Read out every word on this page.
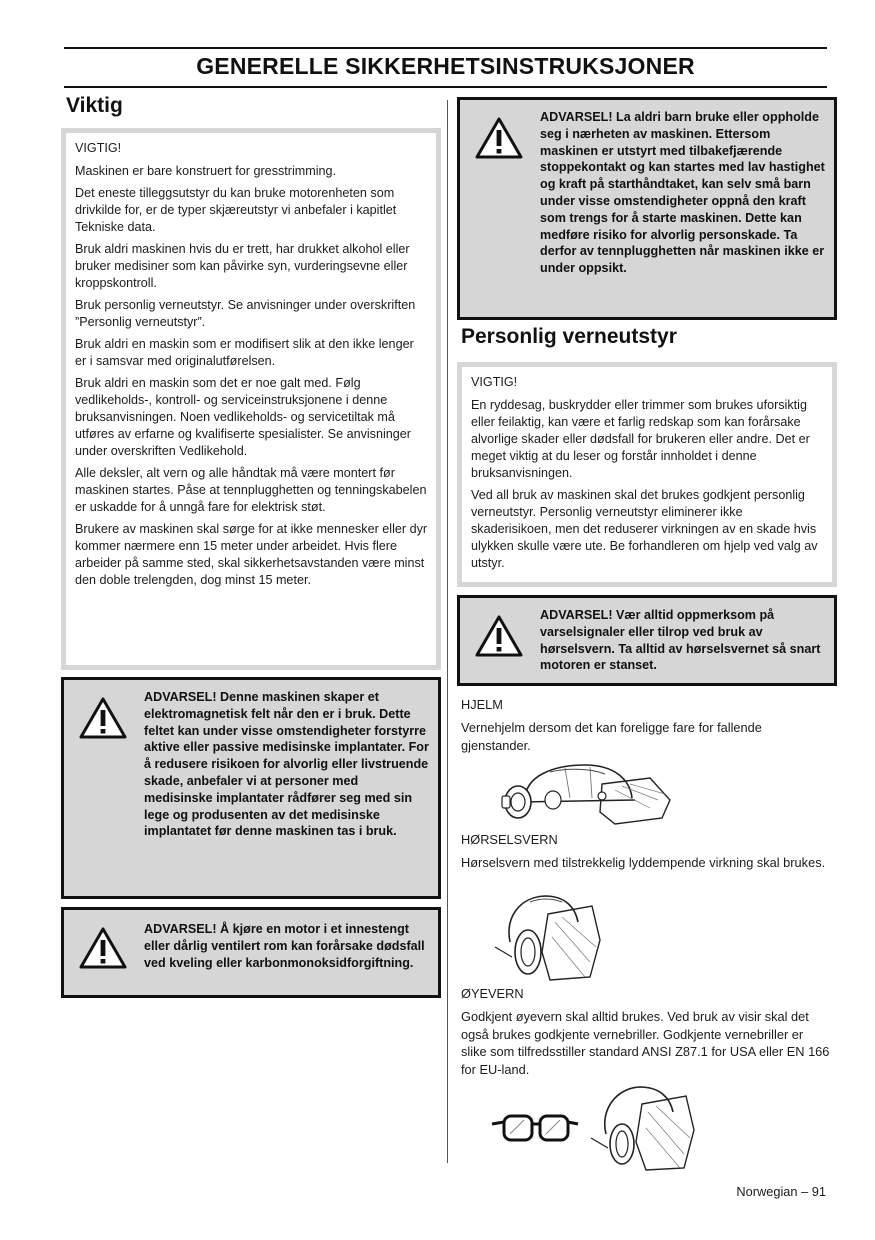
GENERELLE SIKKERHETSINSTRUKSJONER
Viktig
VIGTIG!

Maskinen er bare konstruert for gresstrimming.

Det eneste tilleggsutstyr du kan bruke motorenheten som drivkilde for, er de typer skjæreutstyr vi anbefaler i kapitlet Tekniske data.

Bruk aldri maskinen hvis du er trett, har drukket alkohol eller bruker medisiner som kan påvirke syn, vurderingsevne eller kroppskontroll.

Bruk personlig verneutstyr. Se anvisninger under overskriften ”Personlig verneutstyr”.

Bruk aldri en maskin som er modifisert slik at den ikke lenger er i samsvar med originalutførelsen.

Bruk aldri en maskin som det er noe galt med. Følg vedlikeholds-, kontroll- og serviceinstruksjonene i denne bruksanvisningen. Noen vedlikeholds- og servicetiltak må utføres av erfarne og kvalifiserte spesialister. Se anvisninger under overskriften Vedlikehold.

Alle deksler, alt vern og alle håndtak må være montert før maskinen startes. Påse at tennplugghetten og tenningskabelen er uskadde for å unngå fare for elektrisk støt.

Brukere av maskinen skal sørge for at ikke mennesker eller dyr kommer nærmere enn 15 meter under arbeidet. Hvis flere arbeider på samme sted, skal sikkerhetsavstanden være minst den doble trelengden, dog minst 15 meter.

ADVARSEL! Denne maskinen skaper et elektromagnetisk felt når den er i bruk. Dette feltet kan under visse omstendigheter forstyrre aktive eller passive medisinske implantater. For å redusere risikoen for alvorlig eller livstruende skade, anbefaler vi at personer med medisinske implantater rådfører seg med sin lege og produsenten av det medisinske implantatet før denne maskinen tas i bruk.
ADVARSEL! Å kjøre en motor i et innestengt eller dårlig ventilert rom kan forårsake dødsfall ved kveling eller karbonmonoksidforgiftning.
ADVARSEL! La aldri barn bruke eller oppholde seg i nærheten av maskinen. Ettersom maskinen er utstyrt med tilbakefjærende stoppekontakt og kan startes med lav hastighet og kraft på starthåndtaket, kan selv små barn under visse omstendigheter oppnå den kraft som trengs for å starte maskinen. Dette kan medføre risiko for alvorlig personskade. Ta derfor av tennplugghetten når maskinen ikke er under oppsikt.
Personlig verneutstyr
VIGTIG!

En ryddesag, buskrydder eller trimmer som brukes uforsiktig eller feilaktig, kan være et farlig redskap som kan forårsake alvorlige skader eller dødsfall for brukeren eller andre. Det er meget viktig at du leser og forstår innholdet i denne bruksanvisningen.

Ved all bruk av maskinen skal det brukes godkjent personlig verneutstyr. Personlig verneutstyr eliminerer ikke skaderisikoen, men det reduserer virkningen av en skade hvis ulykken skulle være ute. Be forhandleren om hjelp ved valg av utstyr.

ADVARSEL! Vær alltid oppmerksom på varselsignaler eller tilrop ved bruk av hørselsvern. Ta alltid av hørselsvernet så snart motoren er stanset.
HJELM
Vernehjelm dersom det kan foreligge fare for fallende gjenstander.
HØRSELSVERN
Hørselsvern med tilstrekkelig lyddempende virkning skal brukes.
ØYEVERN
Godkjent øyevern skal alltid brukes. Ved bruk av visir skal det også brukes godkjente vernebriller. Godkjente vernebriller er slike som tilfredsstiller standard ANSI Z87.1 for USA eller EN 166 for EU-land.
Norwegian – 91
